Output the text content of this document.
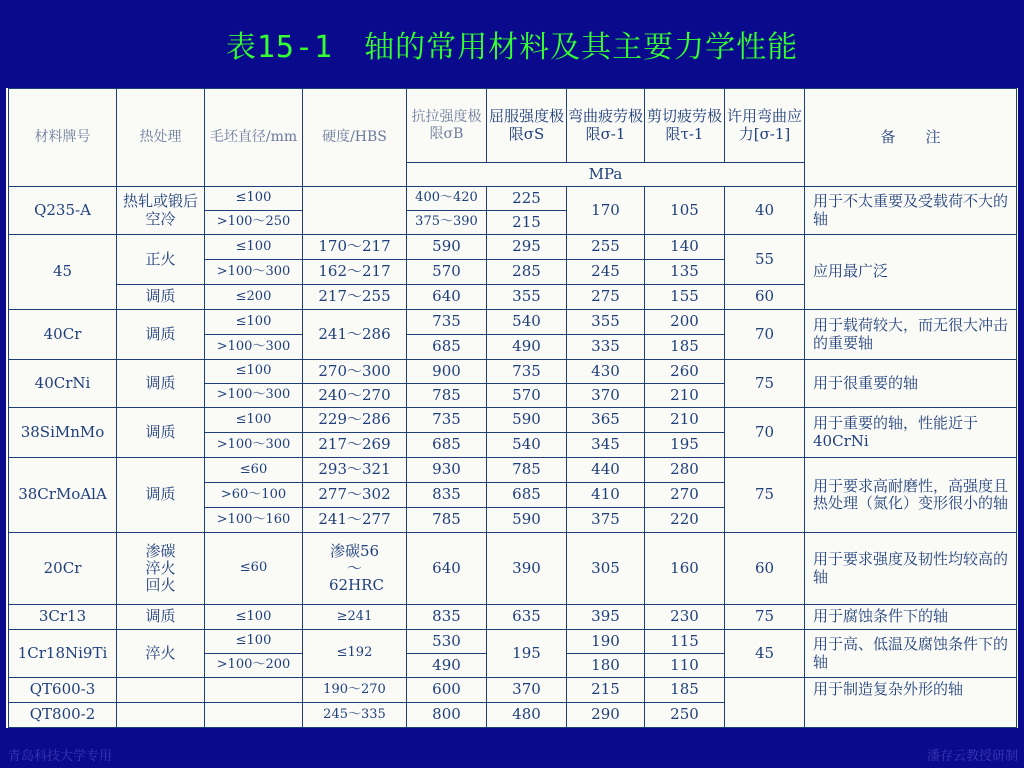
表15-1　轴的常用材料及其主要力学性能
材料牌号	热处理	毛坯直径/mm	硬度/HBS	抗拉强度极限σB	屈服强度极限σS	弯曲疲劳极限σ-1	剪切疲劳极限τ-1	许用弯曲应力[σ-1]	备　　注
				MPa					
Q235-A	热轧或锻后空冷	≤100		400～420	225	170	105	40	用于不太重要及受载荷不大的轴
		>100～250		375～390	215				
45	正火	≤100	170～217	590	295	255	140	55	应用最广泛
		>100～300	162～217	570	285	245	135		
	调质	≤200	217～255	640	355	275	155	60	
40Cr	调质	≤100	241～286	735	540	355	200	70	用于载荷较大，而无很大冲击的重要轴
		>100～300		685	490	335	185		
40CrNi	调质	≤100	270～300	900	735	430	260	75	用于很重要的轴
		>100～300	240～270	785	570	370	210		
38SiMnMo	调质	≤100	229～286	735	590	365	210	70	用于重要的轴，性能近于40CrNi
		>100～300	217～269	685	540	345	195		
38CrMoAlA	调质	≤60	293～321	930	785	440	280	75	用于要求高耐磨性，高强度且热处理（氮化）变形很小的轴
		>60～100	277～302	835	685	410	270		
		>100～160	241～277	785	590	375	220		
20Cr	渗碳淬火回火	≤60	渗碳56～62HRC	640	390	305	160	60	用于要求强度及韧性均较高的轴
3Cr13	调质	≤100	≥241	835	635	395	230	75	用于腐蚀条件下的轴
1Cr18Ni9Ti	淬火	≤100	≤192	530	195	190	115	45	用于高、低温及腐蚀条件下的轴
		>100～200		490		180	110		
QT600-3			190～270	600	370	215	185		用于制造复杂外形的轴
QT800-2			245～335	800	480	290	250		
青岛科技大学专用	潘存云教授研制
